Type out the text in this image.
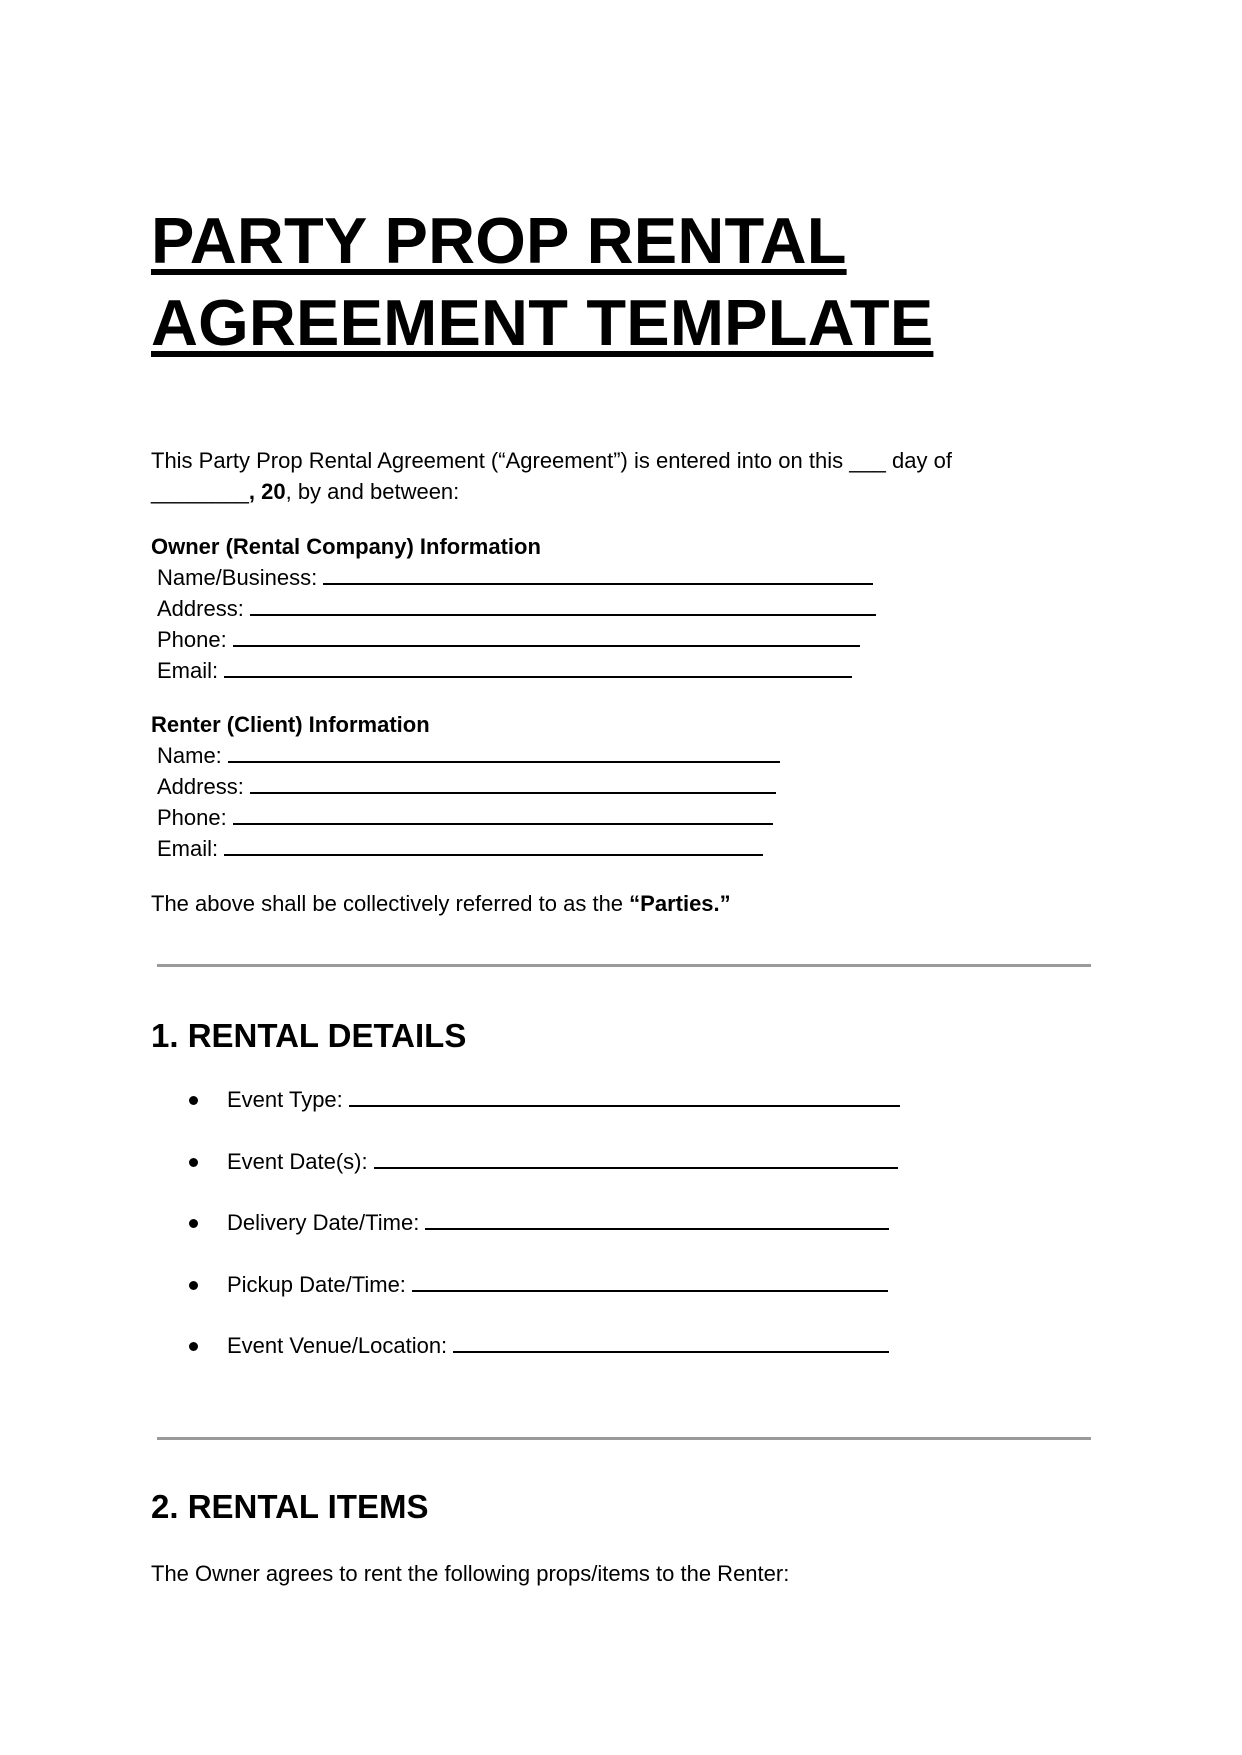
PARTY PROP RENTAL
AGREEMENT TEMPLATE
This Party Prop Rental Agreement (“Agreement”) is entered into on this ___ day of
________, 20, by and between:
Owner (Rental Company) Information
Name/Business:
Address:
Phone:
Email:
Renter (Client) Information
Name:
Address:
Phone:
Email:
The above shall be collectively referred to as the “Parties.”
1. RENTAL DETAILS
Event Type:
Event Date(s):
Delivery Date/Time:
Pickup Date/Time:
Event Venue/Location:
2. RENTAL ITEMS
The Owner agrees to rent the following props/items to the Renter:
